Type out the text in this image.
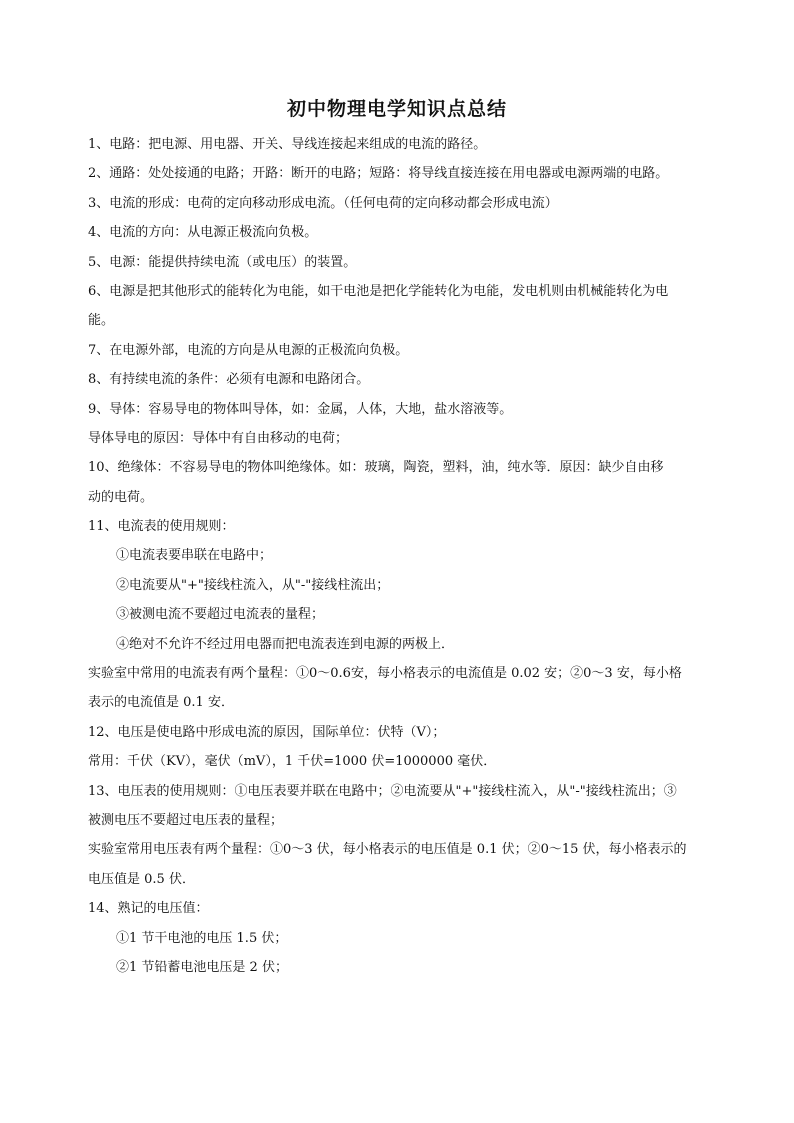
初中物理电学知识点总结
1、电路：把电源、用电器、开关、导线连接起来组成的电流的路径。
2、通路：处处接通的电路；开路：断开的电路；短路：将导线直接连接在用电器或电源两端的电路。
3、电流的形成：电荷的定向移动形成电流。（任何电荷的定向移动都会形成电流）
4、电流的方向：从电源正极流向负极。
5、电源：能提供持续电流（或电压）的装置。
6、电源是把其他形式的能转化为电能，如干电池是把化学能转化为电能，发电机则由机械能转化为电
能。
7、在电源外部，电流的方向是从电源的正极流向负极。
8、有持续电流的条件：必须有电源和电路闭合。
9、导体：容易导电的物体叫导体，如：金属，人体，大地，盐水溶液等。
导体导电的原因：导体中有自由移动的电荷；
10、绝缘体：不容易导电的物体叫绝缘体。如：玻璃，陶瓷，塑料，油，纯水等．原因：缺少自由移
动的电荷。
11、电流表的使用规则：
①电流表要串联在电路中；
②电流要从"+"接线柱流入，从"-"接线柱流出；
③被测电流不要超过电流表的量程；
④绝对不允许不经过用电器而把电流表连到电源的两极上．
实验室中常用的电流表有两个量程：①0～0.6安，每小格表示的电流值是 0.02 安；②0～3 安，每小格
表示的电流值是 0.1 安．
12、电压是使电路中形成电流的原因，国际单位：伏特（V）；
常用：千伏（KV），毫伏（mV），1 千伏=1000 伏=1000000 毫伏．
13、电压表的使用规则：①电压表要并联在电路中；②电流要从"+"接线柱流入，从"-"接线柱流出；③
被测电压不要超过电压表的量程；
实验室常用电压表有两个量程：①0～3 伏，每小格表示的电压值是 0.1 伏；②0～15 伏，每小格表示的
电压值是 0.5 伏．
14、熟记的电压值：
①1 节干电池的电压 1.5 伏；
②1 节铅蓄电池电压是 2 伏；
